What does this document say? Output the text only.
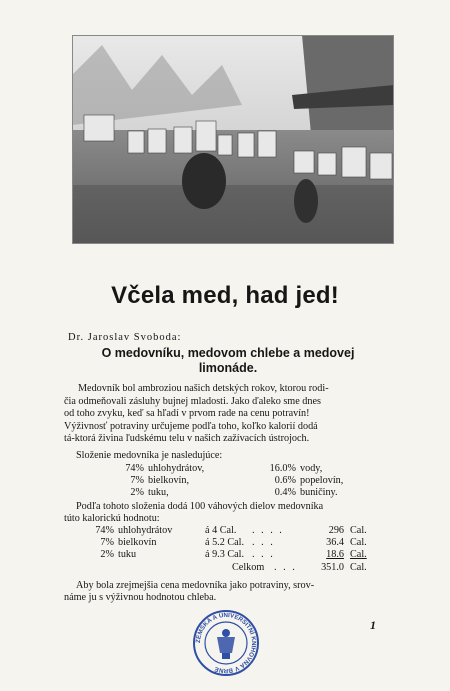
Včela med, had jed!

Dr. Jaroslav Svoboda:

O medovníku, medovom chlebe a medovej
limonáde.

Medovník bol ambroziou našich detských rokov, ktorou rodi-
čia odmeňovali zásluhy bujnej mladosti. Jako ďaleko sme dnes
od toho zvyku, keď sa hľadí v prvom rade na cenu potravín!
Výživnosť potraviny určujeme podľa toho, koľko kalorií dodá
tá-ktorá živina ľudskému telu v našich zažívacích ústrojoch.

Složenie medovníka je nasledujúce:

74% uhlohydrátov,	16.0% vody,
7% bielkovín,	0.6% popelovín,
2% tuku,	0.4% buničiny.

Podľa tohoto složenia dodá 100 váhových dielov medovníka

túto kalorickú hodnotu:

74% uhlohydrátov	á 4 Cal. . . . .	296 Cal.
7% bielkovín	á 5.2 Cal. . . .	36.4 Cal.
2% tuku	á 9.3 Cal. . . .	18.6 Cal.
Celkom . . .	351.0 Cal.

Aby bola zrejmejšia cena medovníka jako potraviny, srov-

náme ju s výživnou hodnotou chleba.

ZEMSKÁ A UNIVERSITNÍ KNIHOVNA V BRNĚ
1
